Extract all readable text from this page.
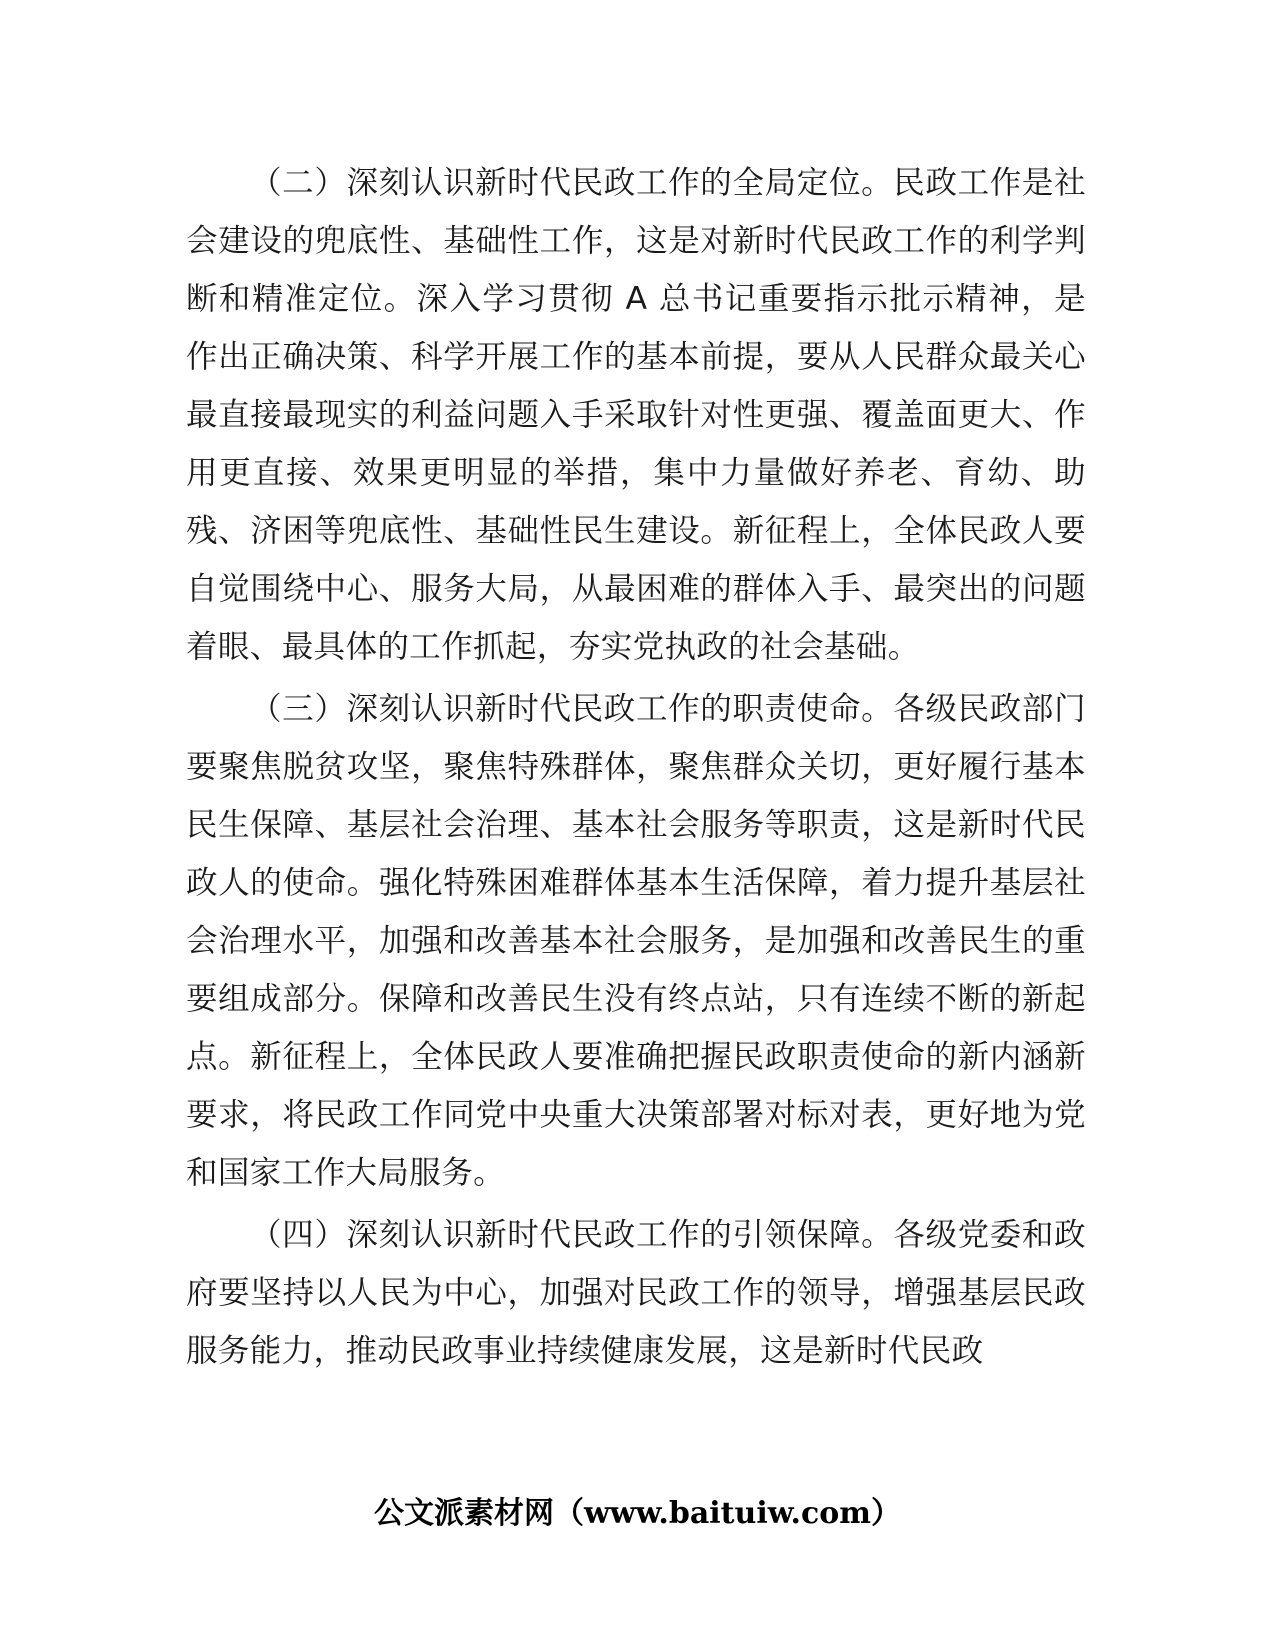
（二）深刻认识新时代民政工作的全局定位。民政工作是社会建设的兜底性、基础性工作，这是对新时代民政工作的利学判断和精准定位。深入学习贯彻 A 总书记重要指示批示精神，是作出正确决策、科学开展工作的基本前提，要从人民群众最关心最直接最现实的利益问题入手采取针对性更强、覆盖面更大、作用更直接、效果更明显的举措，集中力量做好养老、育幼、助残、济困等兜底性、基础性民生建设。新征程上，全体民政人要自觉围绕中心、服务大局，从最困难的群体入手、最突出的问题着眼、最具体的工作抓起，夯实党执政的社会基础。

（三）深刻认识新时代民政工作的职责使命。各级民政部门要聚焦脱贫攻坚，聚焦特殊群体，聚焦群众关切，更好履行基本民生保障、基层社会治理、基本社会服务等职责，这是新时代民政人的使命。强化特殊困难群体基本生活保障，着力提升基层社会治理水平，加强和改善基本社会服务，是加强和改善民生的重要组成部分。保障和改善民生没有终点站，只有连续不断的新起点。新征程上，全体民政人要准确把握民政职责使命的新内涵新要求，将民政工作同党中央重大决策部署对标对表，更好地为党和国家工作大局服务。

（四）深刻认识新时代民政工作的引领保障。各级党委和政府要坚持以人民为中心，加强对民政工作的领导，增强基层民政服务能力，推动民政事业持续健康发展，这是新时代民政

公文派素材网（www.baituiw.com）
